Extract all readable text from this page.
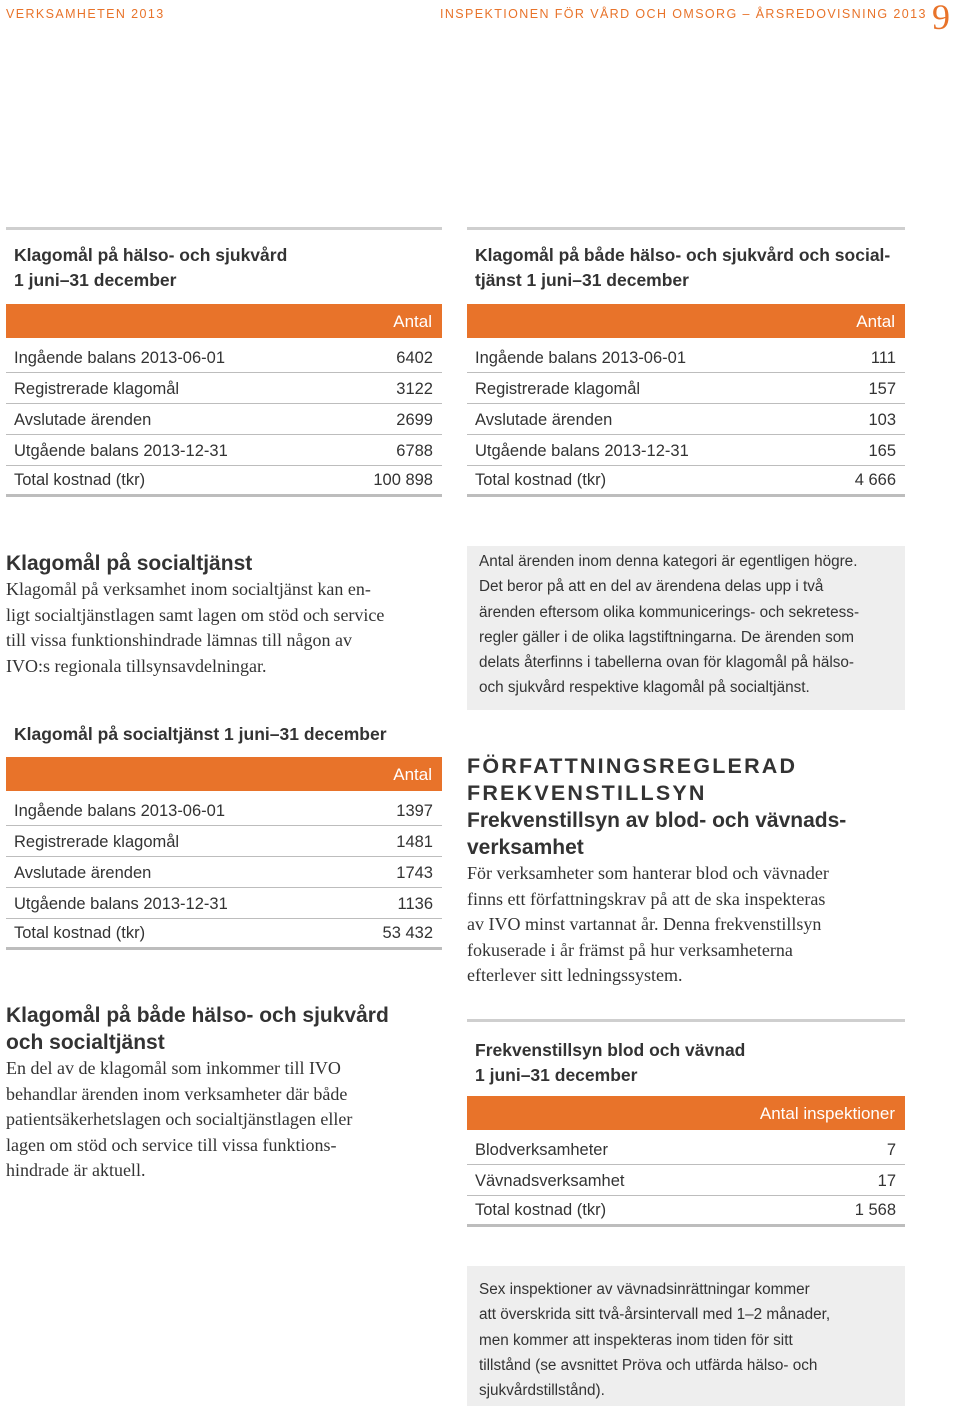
VERKSAMHETEN 2013	INSPEKTIONEN FÖR VÅRD OCH OMSORG – ÅRSREDOVISNING 2013 9
Klagomål på hälso- och sjukvård
1 juni–31 december
Antal
Ingående balans 2013-06-01	6402
Registrerade klagomål	3122
Avslutade ärenden	2699
Utgående balans 2013-12-31	6788
Total kostnad (tkr)	100 898
Klagomål på både hälso- och sjukvård och social-
tjänst 1 juni–31 december
Antal
Ingående balans 2013-06-01	111
Registrerade klagomål	157
Avslutade ärenden	103
Utgående balans 2013-12-31	165
Total kostnad (tkr)	4 666
Klagomål på socialtjänst
Klagomål på verksamhet inom socialtjänst kan en-
ligt socialtjänstlagen samt lagen om stöd och service
till vissa funktionshindrade lämnas till någon av
IVO:s regionala tillsynsavdelningar.
Antal ärenden inom denna kategori är egentligen högre.
Det beror på att en del av ärendena delas upp i två
ärenden eftersom olika kommunicerings- och sekretess-
regler gäller i de olika lagstiftningarna. De ärenden som
delats återfinns i tabellerna ovan för klagomål på hälso-
och sjukvård respektive klagomål på socialtjänst.
Klagomål på socialtjänst 1 juni–31 december
Antal
Ingående balans 2013-06-01	1397
Registrerade klagomål	1481
Avslutade ärenden	1743
Utgående balans 2013-12-31	1136
Total kostnad (tkr)	53 432
Klagomål på både hälso- och sjukvård
och socialtjänst
En del av de klagomål som inkommer till IVO
behandlar ärenden inom verksamheter där både
patientsäkerhetslagen och socialtjänstlagen eller
lagen om stöd och service till vissa funktions-
hindrade är aktuell.
FÖRFATTNINGSREGLERAD
FREKVENSTILLSYN
Frekvenstillsyn av blod- och vävnads-
verksamhet
För verksamheter som hanterar blod och vävnader
finns ett författningskrav på att de ska inspekteras
av IVO minst vartannat år. Denna frekvenstillsyn
fokuserade i år främst på hur verksamheterna
efterlever sitt ledningssystem.
Frekvenstillsyn blod och vävnad
1 juni–31 december
Antal inspektioner
Blodverksamheter	7
Vävnadsverksamhet	17
Total kostnad (tkr)	1 568
Sex inspektioner av vävnadsinrättningar kommer
att överskrida sitt två-årsintervall med 1–2 månader,
men kommer att inspekteras inom tiden för sitt
tillstånd (se avsnittet Pröva och utfärda hälso- och
sjukvårdstillstånd).
